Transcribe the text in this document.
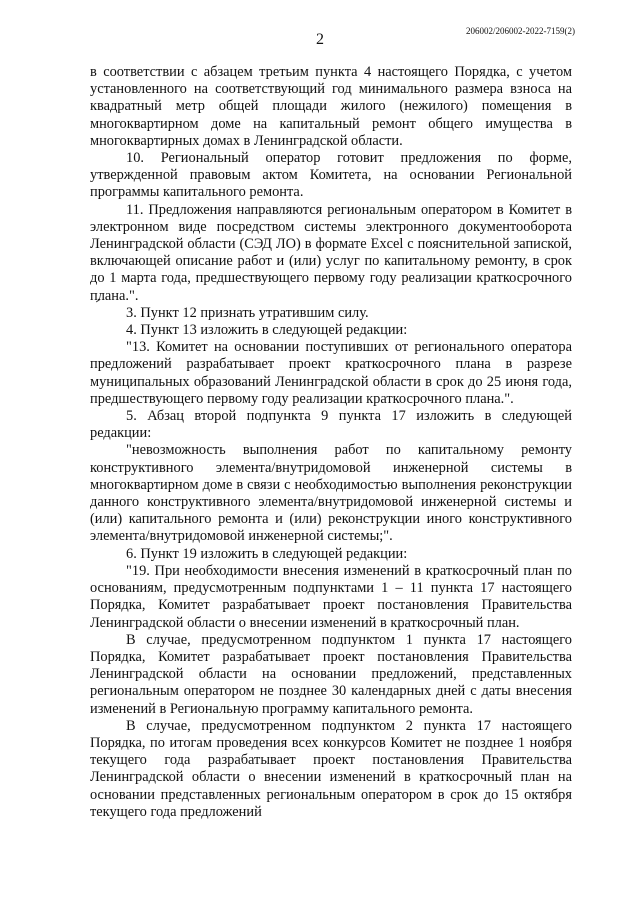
2	206002/206002-2022-7159(2)

в соответствии с абзацем третьим пункта 4 настоящего Порядка, с учетом установленного на соответствующий год минимального размера взноса на квадратный метр общей площади жилого (нежилого) помещения в многоквартирном доме на капитальный ремонт общего имущества в многоквартирных домах в Ленинградской области.

10. Региональный оператор готовит предложения по форме, утвержденной правовым актом Комитета, на основании Региональной программы капитального ремонта.

11. Предложения направляются региональным оператором в Комитет в электронном виде посредством системы электронного документооборота Ленинградской области (СЭД ЛО) в формате Excel с пояснительной запиской, включающей описание работ и (или) услуг по капитальному ремонту, в срок до 1 марта года, предшествующего первому году реализации краткосрочного плана.".

3. Пункт 12 признать утратившим силу.

4. Пункт 13 изложить в следующей редакции:

"13. Комитет на основании поступивших от регионального оператора предложений разрабатывает проект краткосрочного плана в разрезе муниципальных образований Ленинградской области в срок до 25 июня года, предшествующего первому году реализации краткосрочного плана.".

5. Абзац второй подпункта 9 пункта 17 изложить в следующей редакции:

"невозможность выполнения работ по капитальному ремонту конструктивного элемента/внутридомовой инженерной системы в многоквартирном доме в связи с необходимостью выполнения реконструкции данного конструктивного элемента/внутридомовой инженерной системы и (или) капитального ремонта и (или) реконструкции иного конструктивного элемента/внутридомовой инженерной системы;".

6. Пункт 19 изложить в следующей редакции:

"19. При необходимости внесения изменений в краткосрочный план по основаниям, предусмотренным подпунктами 1 – 11 пункта 17 настоящего Порядка, Комитет разрабатывает проект постановления Правительства Ленинградской области о внесении изменений в краткосрочный план.

В случае, предусмотренном подпунктом 1 пункта 17 настоящего Порядка, Комитет разрабатывает проект постановления Правительства Ленинградской области на основании предложений, представленных региональным оператором не позднее 30 календарных дней с даты внесения изменений в Региональную программу капитального ремонта.

В случае, предусмотренном подпунктом 2 пункта 17 настоящего Порядка, по итогам проведения всех конкурсов Комитет не позднее 1 ноября текущего года разрабатывает проект постановления Правительства Ленинградской области о внесении изменений в краткосрочный план на основании представленных региональным оператором в срок до 15 октября текущего года предложений
